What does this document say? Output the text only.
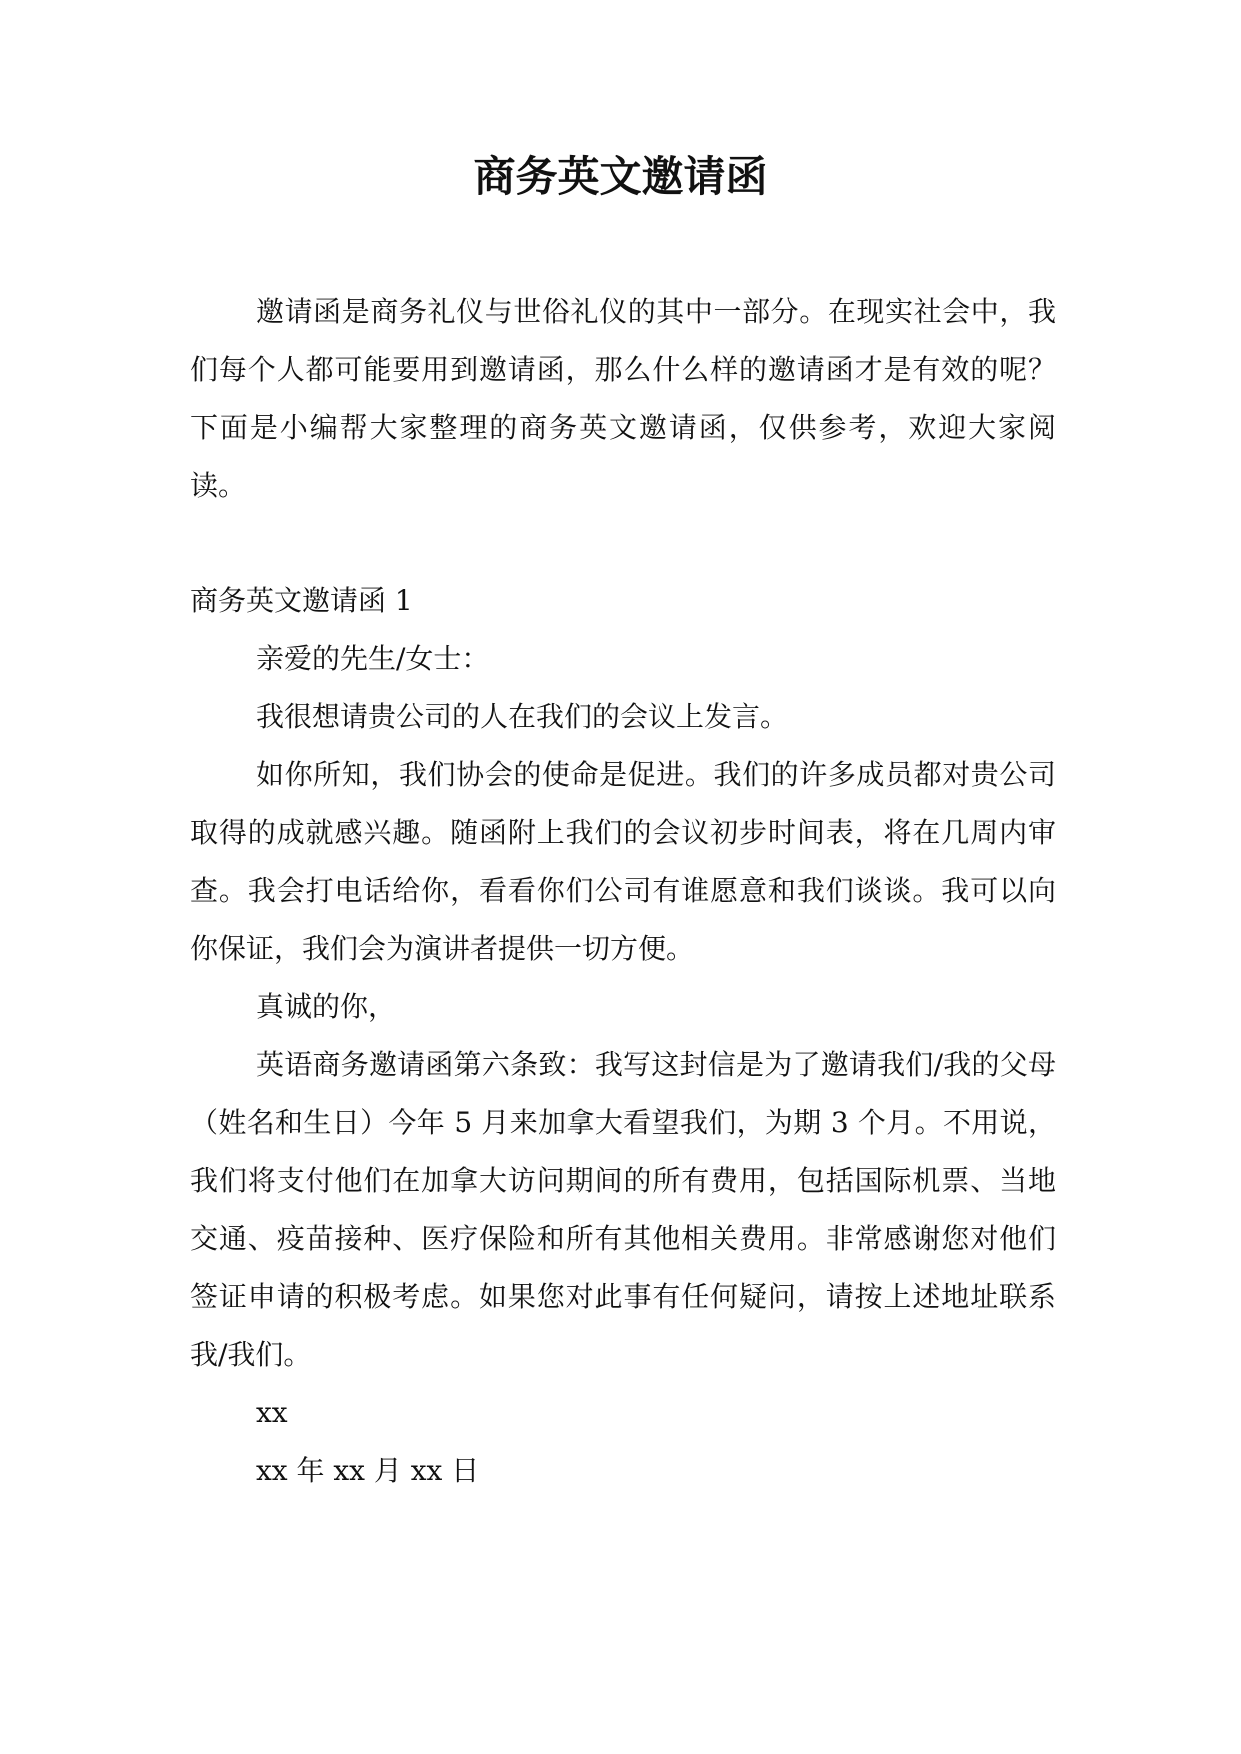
商务英文邀请函

邀请函是商务礼仪与世俗礼仪的其中一部分。在现实社会中，我们每个人都可能要用到邀请函，那么什么样的邀请函才是有效的呢？下面是小编帮大家整理的商务英文邀请函，仅供参考，欢迎大家阅读。

商务英文邀请函 1

亲爱的先生/女士：

我很想请贵公司的人在我们的会议上发言。

如你所知，我们协会的使命是促进。我们的许多成员都对贵公司取得的成就感兴趣。随函附上我们的会议初步时间表，将在几周内审查。我会打电话给你，看看你们公司有谁愿意和我们谈谈。我可以向你保证，我们会为演讲者提供一切方便。

真诚的你，

英语商务邀请函第六条致：我写这封信是为了邀请我们/我的父母（姓名和生日）今年 5 月来加拿大看望我们，为期 3 个月。不用说，我们将支付他们在加拿大访问期间的所有费用，包括国际机票、当地交通、疫苗接种、医疗保险和所有其他相关费用。非常感谢您对他们签证申请的积极考虑。如果您对此事有任何疑问，请按上述地址联系我/我们。

xx

xx 年 xx 月 xx 日
